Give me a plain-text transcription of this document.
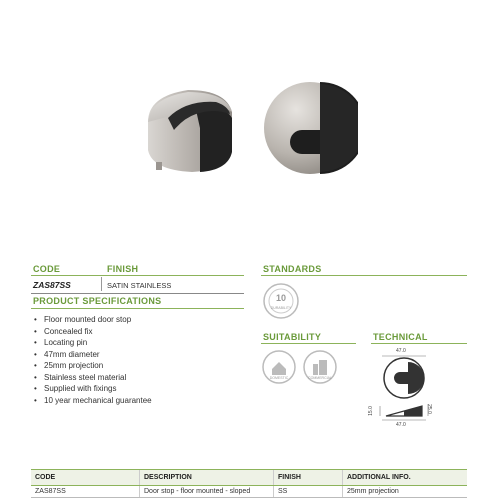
CODE	FINISH
ZAS87SS	SATIN STAINLESS
PRODUCT SPECIFICATIONS
• Floor mounted door stop
• Concealed fix
• Locating pin
• 47mm diameter
• 25mm projection
• Stainless steel material
• Supplied with fixings
• 10 year mechanical guarantee
STANDARDS
10
DURABILITY
SUITABILITY
DOMESTIC	COMMERCIAL
TECHNICAL
47.0
15.0	25.0
47.0
CODE	DESCRIPTION	FINISH	ADDITIONAL INFO.
ZAS87SS	Door stop - floor mounted - sloped	SS	25mm projection
